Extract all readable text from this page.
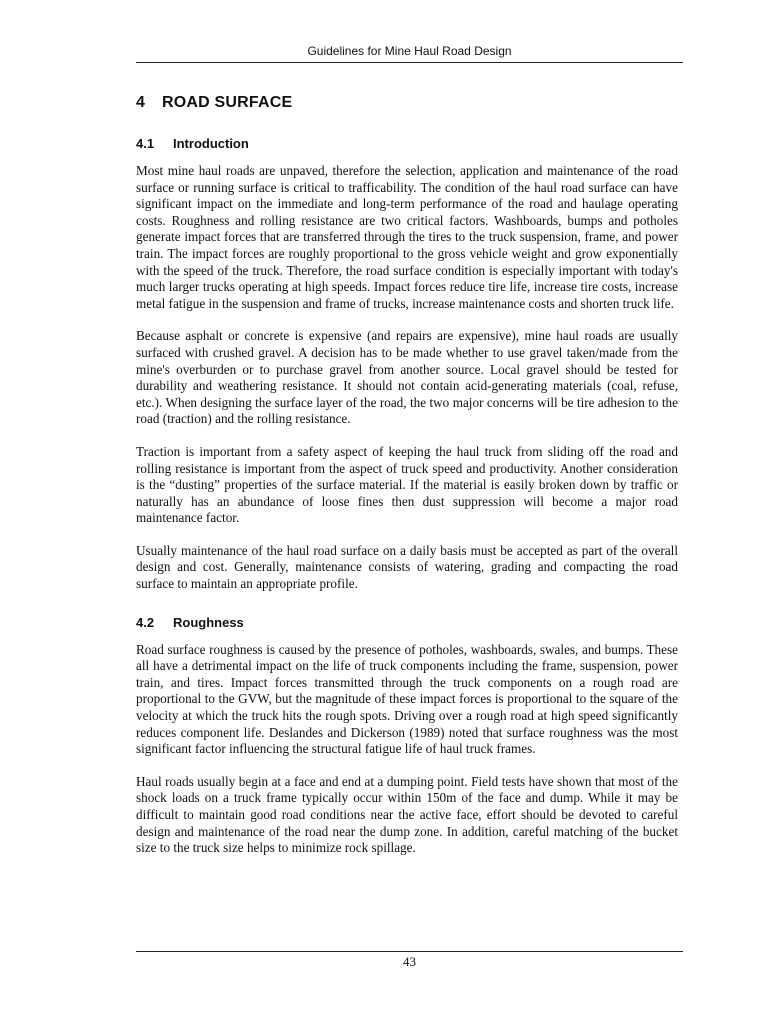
Guidelines for Mine Haul Road Design
4 ROAD SURFACE
4.1 Introduction

Most mine haul roads are unpaved, therefore the selection, application and maintenance of the road surface or running surface is critical to trafficability. The condition of the haul road surface can have significant impact on the immediate and long-term performance of the road and haulage operating costs. Roughness and rolling resistance are two critical factors. Washboards, bumps and potholes generate impact forces that are transferred through the tires to the truck suspension, frame, and power train. The impact forces are roughly proportional to the gross vehicle weight and grow exponentially with the speed of the truck. Therefore, the road surface condition is especially important with today's much larger trucks operating at high speeds. Impact forces reduce tire life, increase tire costs, increase metal fatigue in the suspension and frame of trucks, increase maintenance costs and shorten truck life.

Because asphalt or concrete is expensive (and repairs are expensive), mine haul roads are usually surfaced with crushed gravel. A decision has to be made whether to use gravel taken/made from the mine's overburden or to purchase gravel from another source. Local gravel should be tested for durability and weathering resistance. It should not contain acid-generating materials (coal, refuse, etc.). When designing the surface layer of the road, the two major concerns will be tire adhesion to the road (traction) and the rolling resistance.

Traction is important from a safety aspect of keeping the haul truck from sliding off the road and rolling resistance is important from the aspect of truck speed and productivity. Another consideration is the “dusting” properties of the surface material. If the material is easily broken down by traffic or naturally has an abundance of loose fines then dust suppression will become a major road maintenance factor.

Usually maintenance of the haul road surface on a daily basis must be accepted as part of the overall design and cost. Generally, maintenance consists of watering, grading and compacting the road surface to maintain an appropriate profile.

4.2 Roughness

Road surface roughness is caused by the presence of potholes, washboards, swales, and bumps. These all have a detrimental impact on the life of truck components including the frame, suspension, power train, and tires. Impact forces transmitted through the truck components on a rough road are proportional to the GVW, but the magnitude of these impact forces is proportional to the square of the velocity at which the truck hits the rough spots. Driving over a rough road at high speed significantly reduces component life. Deslandes and Dickerson (1989) noted that surface roughness was the most significant factor influencing the structural fatigue life of haul truck frames.

Haul roads usually begin at a face and end at a dumping point. Field tests have shown that most of the shock loads on a truck frame typically occur within 150m of the face and dump. While it may be difficult to maintain good road conditions near the active face, effort should be devoted to careful design and maintenance of the road near the dump zone. In addition, careful matching of the bucket size to the truck size helps to minimize rock spillage.

43
